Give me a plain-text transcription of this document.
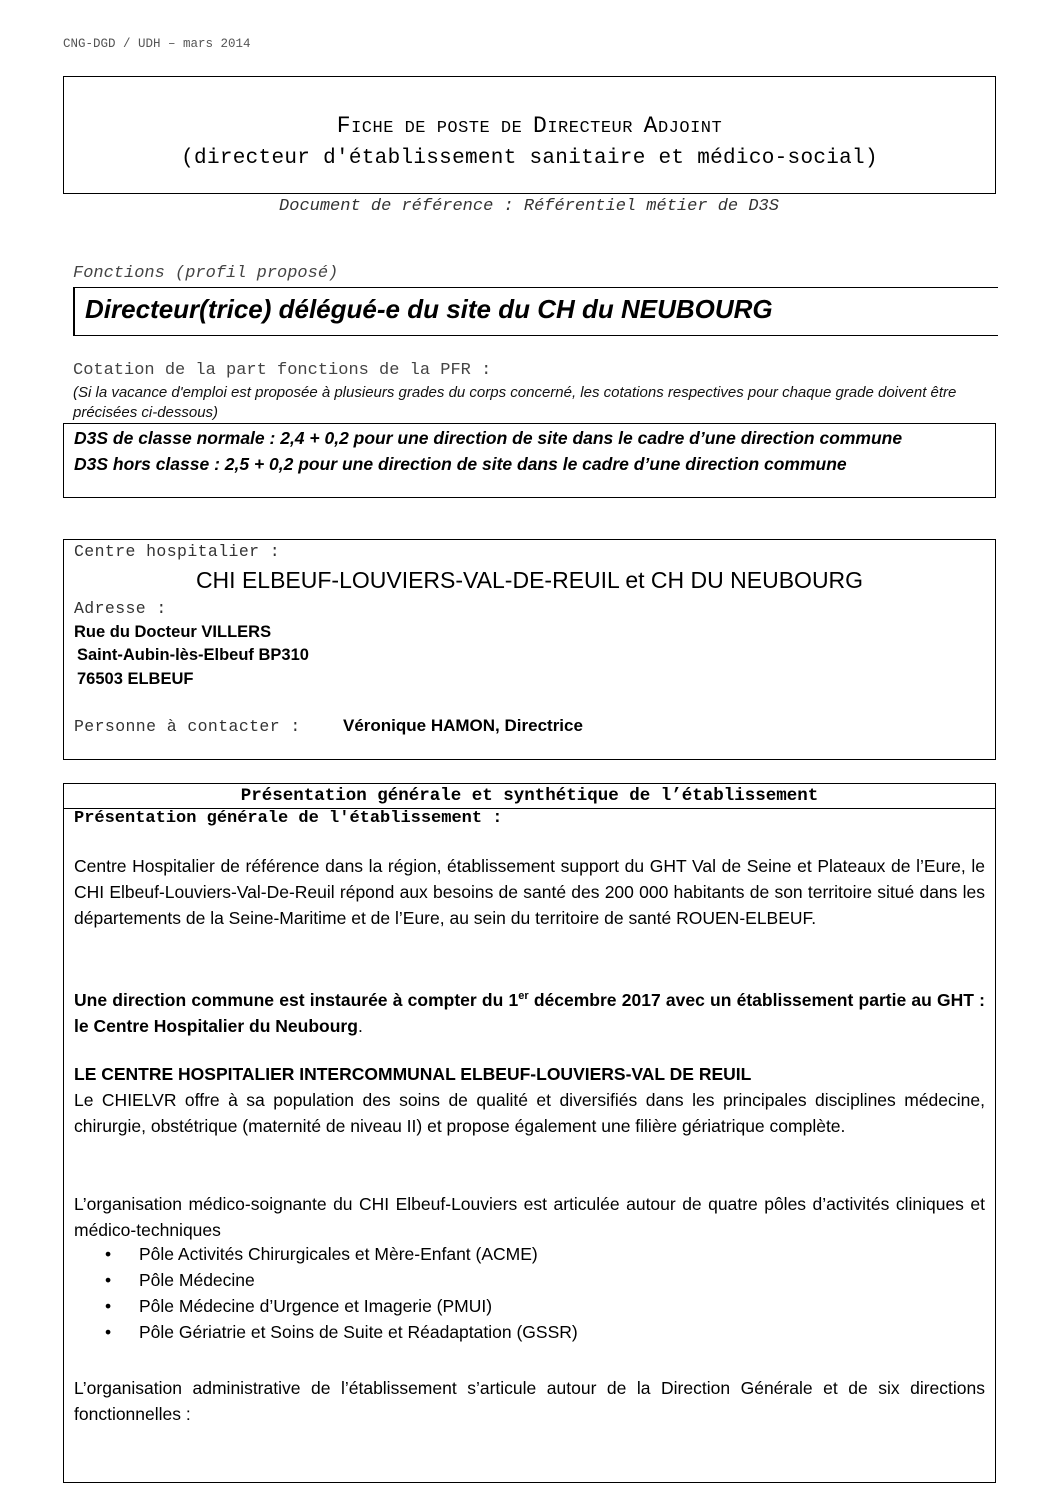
CNG-DGD / UDH – mars 2014
FICHE DE POSTE DE DIRECTEUR ADJOINT
(directeur d'établissement sanitaire et médico-social)
Document de référence : Référentiel métier de D3S
Fonctions (profil proposé)
Directeur(trice) délégué-e du site du CH du NEUBOURG
Cotation de la part fonctions de la PFR :
(Si la vacance d'emploi est proposée à plusieurs grades du corps concerné, les cotations respectives pour chaque grade doivent être précisées ci-dessous)
D3S de classe normale : 2,4 + 0,2 pour une direction de site dans le cadre d’une direction commune
D3S hors classe : 2,5 + 0,2 pour une direction de site dans le cadre d’une direction commune
Centre hospitalier :
CHI ELBEUF-LOUVIERS-VAL-DE-REUIL et CH DU NEUBOURG
Adresse :
Rue du Docteur VILLERS
Saint-Aubin-lès-Elbeuf BP310
76503 ELBEUF
Personne à contacter : Véronique HAMON, Directrice
Présentation générale et synthétique de l’établissement
Présentation générale de l'établissement :
Centre Hospitalier de référence dans la région, établissement support du GHT Val de Seine et Plateaux de l’Eure, le CHI Elbeuf-Louviers-Val-De-Reuil répond aux besoins de santé des 200 000 habitants de son territoire situé dans les départements de la Seine-Maritime et de l’Eure, au sein du territoire de santé ROUEN-ELBEUF.
Une direction commune est instaurée à compter du 1er décembre 2017 avec un établissement partie au GHT : le Centre Hospitalier du Neubourg.
LE CENTRE HOSPITALIER INTERCOMMUNAL ELBEUF-LOUVIERS-VAL DE REUIL
Le CHIELVR offre à sa population des soins de qualité et diversifiés dans les principales disciplines médecine, chirurgie, obstétrique (maternité de niveau II) et propose également une filière gériatrique complète.
L’organisation médico-soignante du CHI Elbeuf-Louviers est articulée autour de quatre pôles d’activités cliniques et médico-techniques
• Pôle Activités Chirurgicales et Mère-Enfant (ACME)
• Pôle Médecine
• Pôle Médecine d’Urgence et Imagerie (PMUI)
• Pôle Gériatrie et Soins de Suite et Réadaptation (GSSR)
L’organisation administrative de l’établissement s’articule autour de la Direction Générale et de six directions fonctionnelles :
